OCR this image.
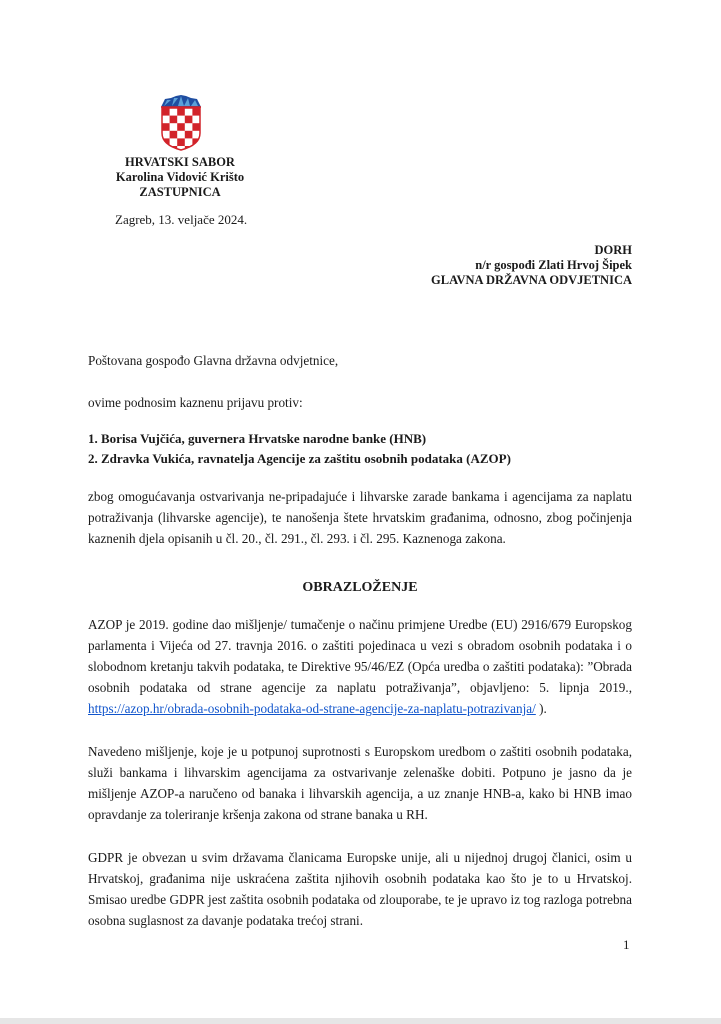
HRVATSKI SABOR
Karolina Vidović Krišto
ZASTUPNICA
Zagreb, 13. veljače 2024.
DORH
n/r gospođi Zlati Hrvoj Šipek
GLAVNA DRŽAVNA ODVJETNICA

Poštovana gospođo Glavna državna odvjetnice,

ovime podnosim kaznenu prijavu protiv:

1. Borisa Vujčića, guvernera Hrvatske narodne banke (HNB)

2. Zdravka Vukića, ravnatelja Agencije za zaštitu osobnih podataka (AZOP)

zbog omogućavanja ostvarivanja ne-pripadajuće i lihvarske zarade bankama i agencijama za naplatu potraživanja (lihvarske agencije), te nanošenja štete hrvatskim građanima, odnosno, zbog počinjenja kaznenih djela opisanih u čl. 20., čl. 291., čl. 293. i čl. 295. Kaznenoga zakona.

OBRAZLOŽENJE

AZOP je 2019. godine dao mišljenje/ tumačenje o načinu primjene Uredbe (EU) 2916/679 Europskog parlamenta i Vijeća od 27. travnja 2016. o zaštiti pojedinaca u vezi s obradom osobnih podataka i o slobodnom kretanju takvih podataka, te Direktive 95/46/EZ (Opća uredba o zaštiti podataka): ”Obrada osobnih podataka od strane agencije za naplatu potraživanja”, objavljeno: 5. lipnja 2019., https://azop.hr/obrada-osobnih-podataka-od-strane-agencije-za-naplatu-potrazivanja/ ).

Navedeno mišljenje, koje je u potpunoj suprotnosti s Europskom uredbom o zaštiti osobnih podataka, služi bankama i lihvarskim agencijama za ostvarivanje zelenaške dobiti. Potpuno je jasno da je mišljenje AZOP-a naručeno od banaka i lihvarskih agencija, a uz znanje HNB-a, kako bi HNB imao opravdanje za toleriranje kršenja zakona od strane banaka u RH.

GDPR je obvezan u svim državama članicama Europske unije, ali u nijednoj drugoj članici, osim u Hrvatskoj, građanima nije uskraćena zaštita njihovih osobnih podataka kao što je to u Hrvatskoj. Smisao uredbe GDPR jest zaštita osobnih podataka od zlouporabe, te je upravo iz tog razloga potrebna osobna suglasnost za davanje podataka trećoj strani.

1
